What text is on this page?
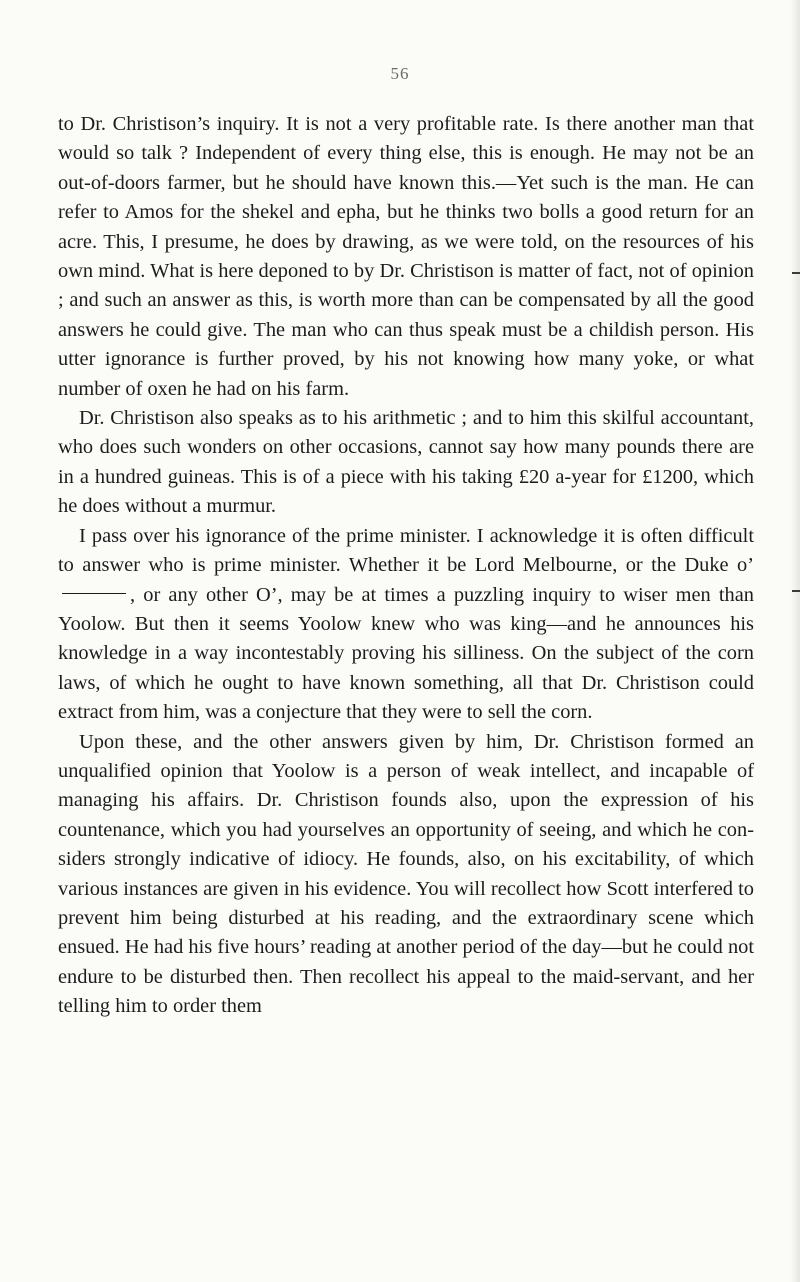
56

to Dr. Christison’s inquiry. It is not a very profitable rate. Is there another man that would so talk ? Independent of every thing else, this is enough. He may not be an out-of-doors farmer, but he should have known this.—Yet such is the man. He can refer to Amos for the shekel and epha, but he thinks two bolls a good return for an acre. This, I presume, he does by drawing, as we were told, on the resources of his own mind. What is here deponed to by Dr. Christison is matter of fact, not of opinion ; and such an answer as this, is worth more than can be compensated by all the good answers he could give. The man who can thus speak must be a childish person. His utter ignorance is further proved, by his not knowing how many yoke, or what number of oxen he had on his farm.

Dr. Christison also speaks as to his arithmetic ; and to him this skilful accountant, who does such wonders on other occasions, cannot say how many pounds there are in a hundred guineas. This is of a piece with his taking £20 a-year for £1200, which he does without a murmur.

I pass over his ignorance of the prime minister. I acknowledge it is often difficult to answer who is prime minister. Whether it be Lord Melbourne, or the Duke o’, or any other O’, may be at times a puzzling inquiry to wiser men than Yoolow. But then it seems Yoolow knew who was king—and he announces his knowledge in a way incontestably proving his silliness. On the subject of the corn laws, of which he ought to have known something, all that Dr. Christison could extract from him, was a conjecture that they were to sell the corn.

Upon these, and the other answers given by him, Dr. Christison formed an unqualified opinion that Yoolow is a person of weak intellect, and incapable of managing his affairs. Dr. Christison founds also, upon the expression of his countenance, which you had yourselves an opportunity of seeing, and which he considers strongly indicative of idiocy. He founds, also, on his excitability, of which various instances are given in his evidence. You will recollect how Scott interfered to prevent him being disturbed at his reading, and the extraordinary scene which ensued. He had his five hours’ reading at another period of the day—but he could not endure to be disturbed then. Then recollect his appeal to the maid-servant, and her telling him to order them
